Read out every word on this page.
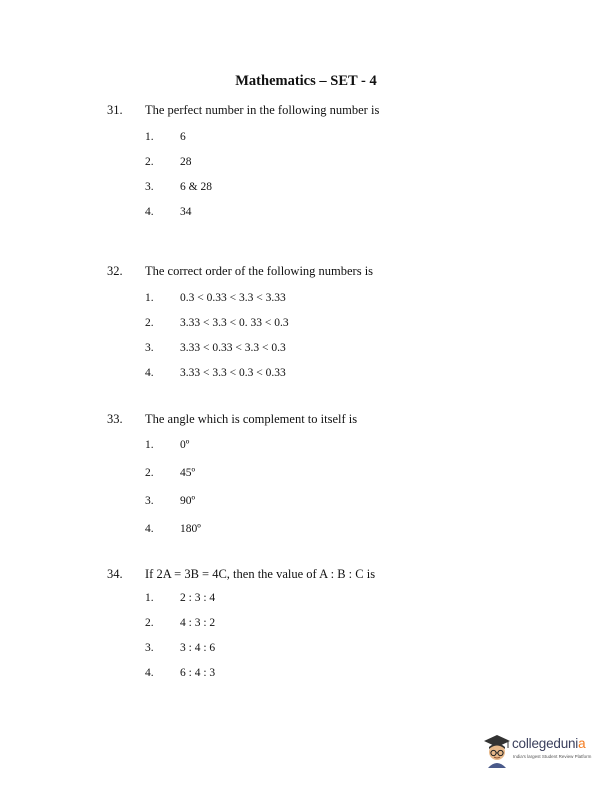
Mathematics – SET - 4
31. The perfect number in the following number is
1. 6
2. 28
3. 6 & 28
4. 34
32. The correct order of the following numbers is
1. 0.3 < 0.33 < 3.3 < 3.33
2. 3.33 < 3.3 < 0. 33 < 0.3
3. 3.33 < 0.33 < 3.3 < 0.3
4. 3.33 < 3.3 < 0.3 < 0.33
33. The angle which is complement to itself is
1. 0º
2. 45º
3. 90º
4. 180º
34. If 2A = 3B = 4C, then the value of A : B : C is
1. 2 : 3 : 4
2. 4 : 3 : 2
3. 3 : 4 : 6
4. 6 : 4 : 3
collegedunia
India's largest Student Review Platform
